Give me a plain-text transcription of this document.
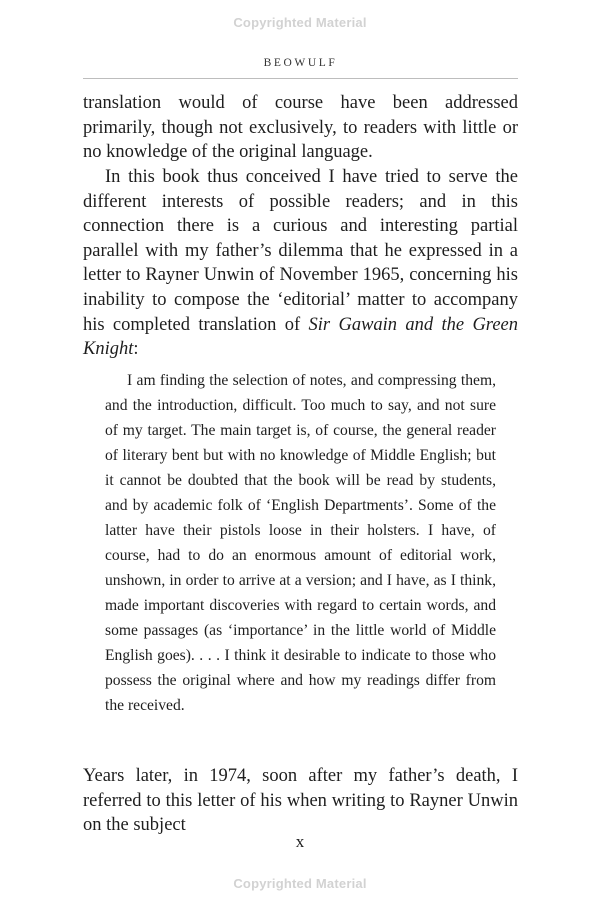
Copyrighted Material
BEOWULF

translation would of course have been addressed primarily, though not exclusively, to readers with little or no knowledge of the original language.

In this book thus conceived I have tried to serve the different interests of possible readers; and in this connection there is a curious and interesting partial parallel with my father’s dilemma that he expressed in a letter to Rayner Unwin of November 1965, concerning his inability to compose the ‘editorial’ matter to accompany his completed translation of Sir Gawain and the Green Knight:

I am finding the selection of notes, and compressing them, and the introduction, difficult. Too much to say, and not sure of my target. The main target is, of course, the general reader of literary bent but with no knowledge of Middle English; but it cannot be doubted that the book will be read by students, and by academic folk of ‘English Departments’. Some of the latter have their pistols loose in their holsters. I have, of course, had to do an enormous amount of editorial work, unshown, in order to arrive at a version; and I have, as I think, made important discoveries with regard to certain words, and some passages (as ‘importance’ in the little world of Middle English goes). . . . I think it desirable to indicate to those who possess the original where and how my readings differ from the received.

Years later, in 1974, soon after my father’s death, I referred to this letter of his when writing to Rayner Unwin on the subject

x
Copyrighted Material
